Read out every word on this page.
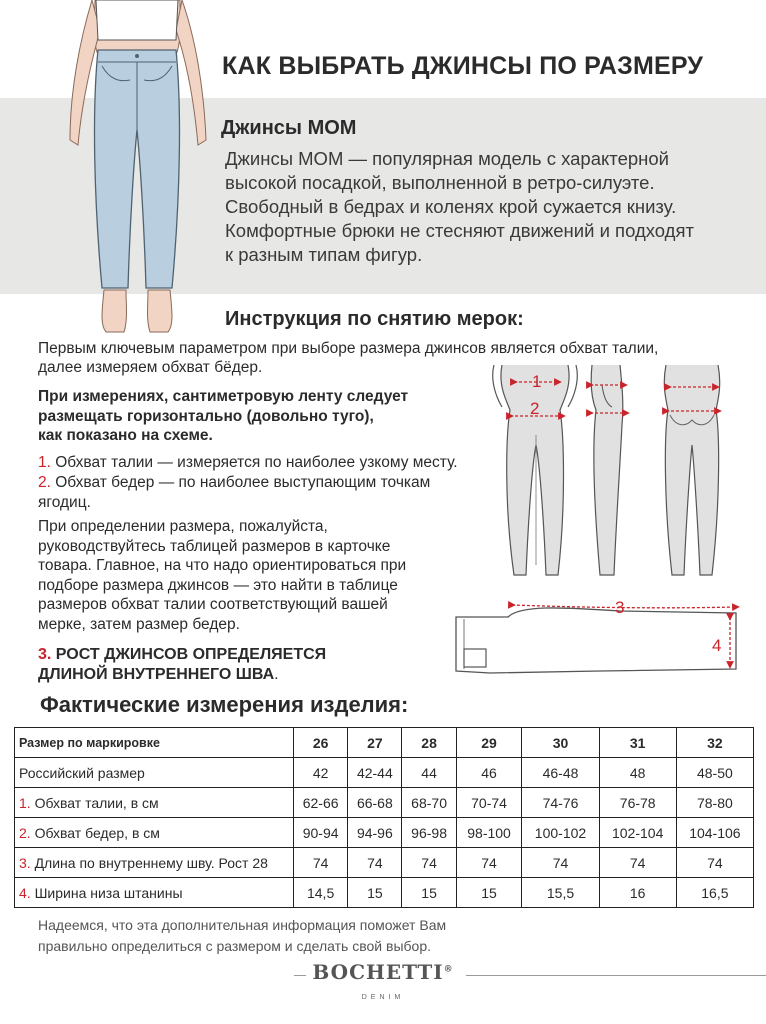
КАК ВЫБРАТЬ ДЖИНСЫ ПО РАЗМЕРУ
Джинсы MOM
Джинсы MOM — популярная модель с характерной
высокой посадкой, выполненной в ретро-силуэте.
Свободный в бедрах и коленях крой сужается книзу.
Комфортные брюки не стесняют движений и подходят
к разным типам фигур.
Инструкция по снятию мерок:
Первым ключевым параметром при выборе размера джинсов является обхват талии,
далее измеряем обхват бёдер.
При измерениях, сантиметровую ленту следует
размещать горизонтально (довольно туго),
как показано на схеме.
1. Обхват талии — измеряется по наиболее узкому месту.
2. Обхват бедер — по наиболее выступающим точкам
ягодиц.
При определении размера, пожалуйста,
руководствуйтесь таблицей размеров в карточке
товара. Главное, на что надо ориентироваться при
подборе размера джинсов — это найти в таблице
размеров обхват талии соответствующий вашей
мерке, затем размер бедер.
3. РОСТ ДЖИНСОВ ОПРЕДЕЛЯЕТСЯ
ДЛИНОЙ ВНУТРЕННЕГО ШВА.
1
2
3
4
Фактические измерения изделия:
Размер по маркировке	26	27	28	29	30	31	32
Российский размер	42	42-44	44	46	46-48	48	48-50
1. Обхват талии, в см	62-66	66-68	68-70	70-74	74-76	76-78	78-80
2. Обхват бедер, в см	90-94	94-96	96-98	98-100	100-102	102-104	104-106
3. Длина по внутреннему шву. Рост 28	74	74	74	74	74	74	74
4. Ширина низа штанины	14,5	15	15	15	15,5	16	16,5
Надеемся, что эта дополнительная информация поможет Вам
правильно определиться с размером и сделать свой выбор.
BOCHETTI®
DENIM
